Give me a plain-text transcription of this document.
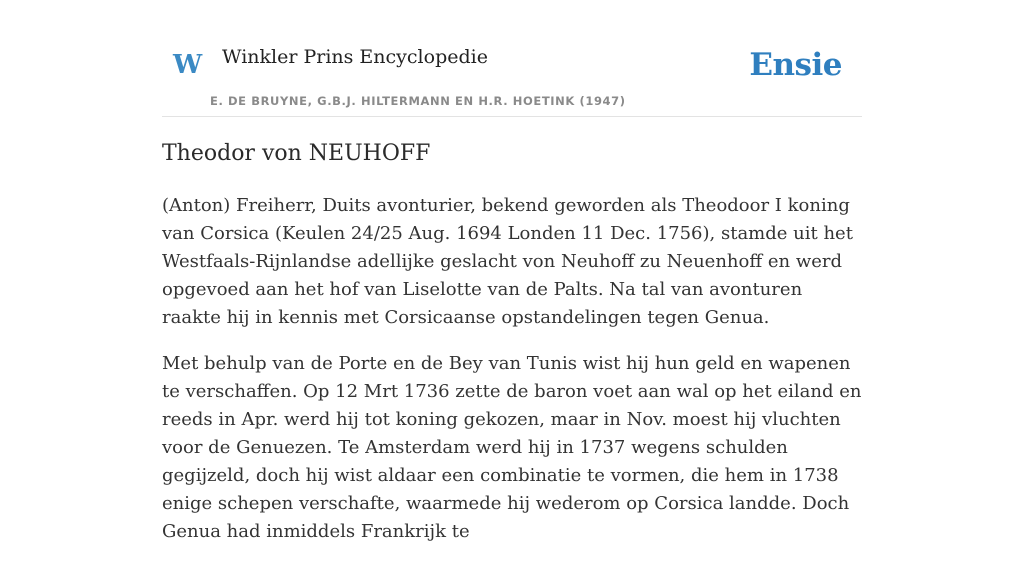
W Winkler Prins Encyclopedie
E. DE BRUYNE, G.B.J. HILTERMANN EN H.R. HOETINK (1947)
Ensie
Theodor von NEUHOFF

(Anton) Freiherr, Duits avonturier, bekend geworden als Theodoor I koning van Corsica (Keulen 24/25 Aug. 1694 Londen 11 Dec. 1756), stamde uit het Westfaals-Rijnlandse adellijke geslacht von Neuhoff zu Neuenhoff en werd opgevoed aan het hof van Liselotte van de Palts. Na tal van avonturen raakte hij in kennis met Corsicaanse opstandelingen tegen Genua.

Met behulp van de Porte en de Bey van Tunis wist hij hun geld en wapenen te verschaffen. Op 12 Mrt 1736 zette de baron voet aan wal op het eiland en reeds in Apr. werd hij tot koning gekozen, maar in Nov. moest hij vluchten voor de Genuezen. Te Amsterdam werd hij in 1737 wegens schulden gegijzeld, doch hij wist aldaar een combinatie te vormen, die hem in 1738 enige schepen verschafte, waarmede hij wederom op Corsica landde. Doch Genua had inmiddels Frankrijk te
